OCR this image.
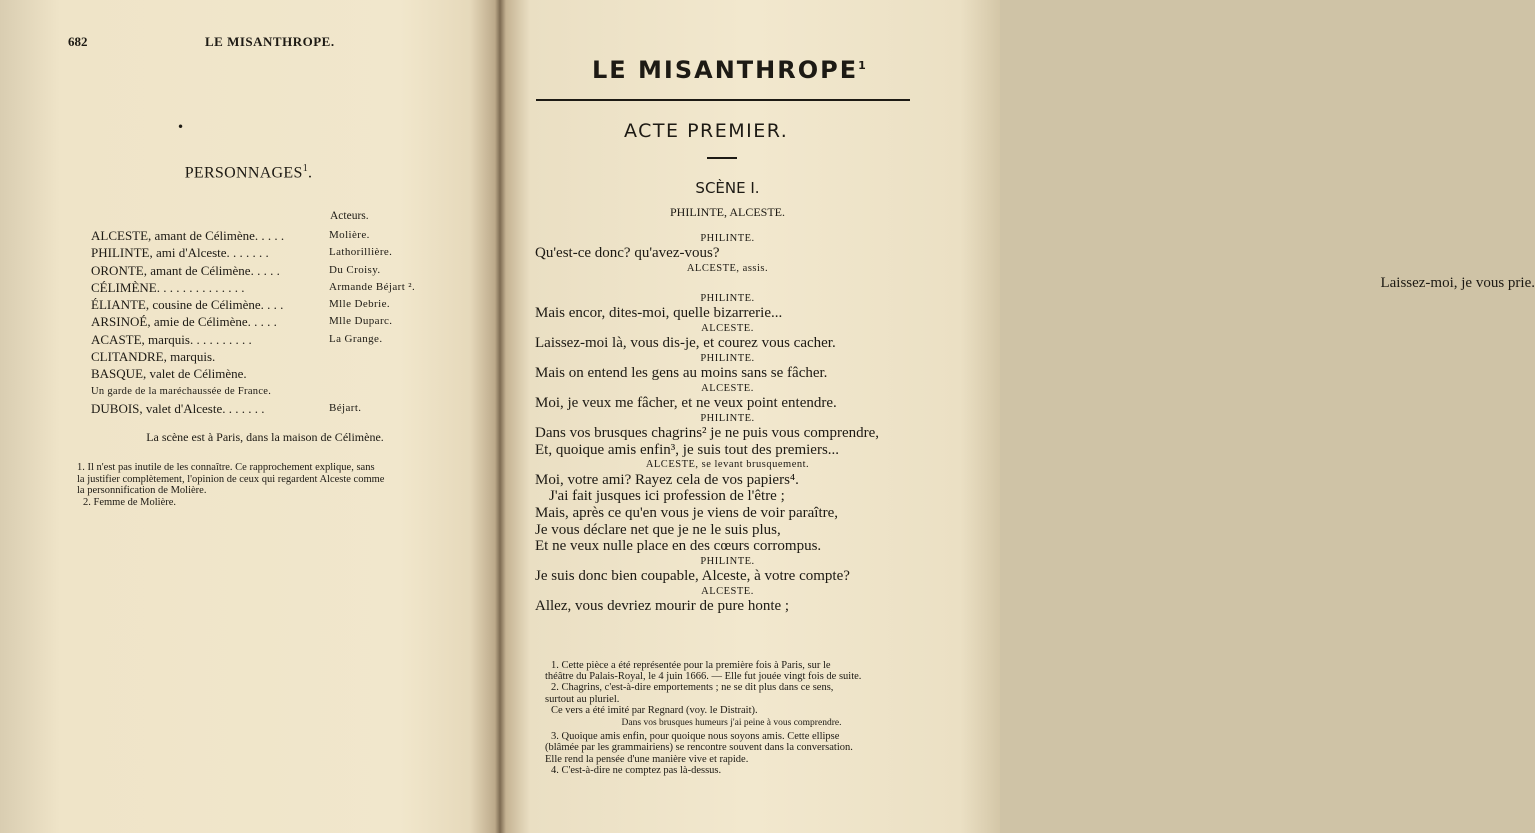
682	LE MISANTHROPE.
•
PERSONNAGES$^1$.
Acteurs.
ALCESTE, amant de Célimène. . . . .	Molière.
PHILINTE, ami d'Alceste. . . . . . .	Lathorillière.
ORONTE, amant de Célimène. . . . .	Du Croisy.
CÉLIMÈNE. . . . . . . . . . . . . .	Armande Béjart ².
ÉLIANTE, cousine de Célimène. . . .	Mlle Debrie.
ARSINOÉ, amie de Célimène. . . . .	Mlle Duparc.
ACASTE, marquis. . . . . . . . . .	La Grange.
CLITANDRE, marquis.
BASQUE, valet de Célimène.
Un garde de la maréchaussée de France.
DUBOIS, valet d'Alceste. . . . . . .	Béjart.
La scène est à Paris, dans la maison de Célimène.

1. Il n'est pas inutile de les connaître. Ce rapprochement explique, sans

la justifier complètement, l'opinion de ceux qui regardent Alceste comme

la personnification de Molière.

2. Femme de Molière.

LE MISANTHROPE$^1$
ACTE PREMIER.
SCÈNE I.
PHILINTE, ALCESTE.
PHILINTE.
Qu'est-ce donc? qu'avez-vous?
ALCESTE, assis.
Laissez-moi, je vous prie.
PHILINTE.
Mais encor, dites-moi, quelle bizarrerie...
ALCESTE.
Laissez-moi là, vous dis-je, et courez vous cacher.
PHILINTE.
Mais on entend les gens au moins sans se fâcher.
ALCESTE.
Moi, je veux me fâcher, et ne veux point entendre.
PHILINTE.
Dans vos brusques chagrins² je ne puis vous comprendre,
Et, quoique amis enfin³, je suis tout des premiers...
ALCESTE, se levant brusquement.
Moi, votre ami? Rayez cela de vos papiers⁴.
J'ai fait jusques ici profession de l'être ;
Mais, après ce qu'en vous je viens de voir paraître,
Je vous déclare net que je ne le suis plus,
Et ne veux nulle place en des cœurs corrompus.
PHILINTE.
Je suis donc bien coupable, Alceste, à votre compte?
ALCESTE.
Allez, vous devriez mourir de pure honte ;

1. Cette pièce a été représentée pour la première fois à Paris, sur le

théâtre du Palais-Royal, le 4 juin 1666. — Elle fut jouée vingt fois de suite.

2. Chagrins, c'est-à-dire emportements ; ne se dit plus dans ce sens,

surtout au pluriel.

Ce vers a été imité par Regnard (voy. le Distrait).

Dans vos brusques humeurs j'ai peine à vous comprendre.

3. Quoique amis enfin, pour quoique nous soyons amis. Cette ellipse

(blâmée par les grammairiens) se rencontre souvent dans la conversation.

Elle rend la pensée d'une manière vive et rapide.

4. C'est-à-dire ne comptez pas là-dessus.
